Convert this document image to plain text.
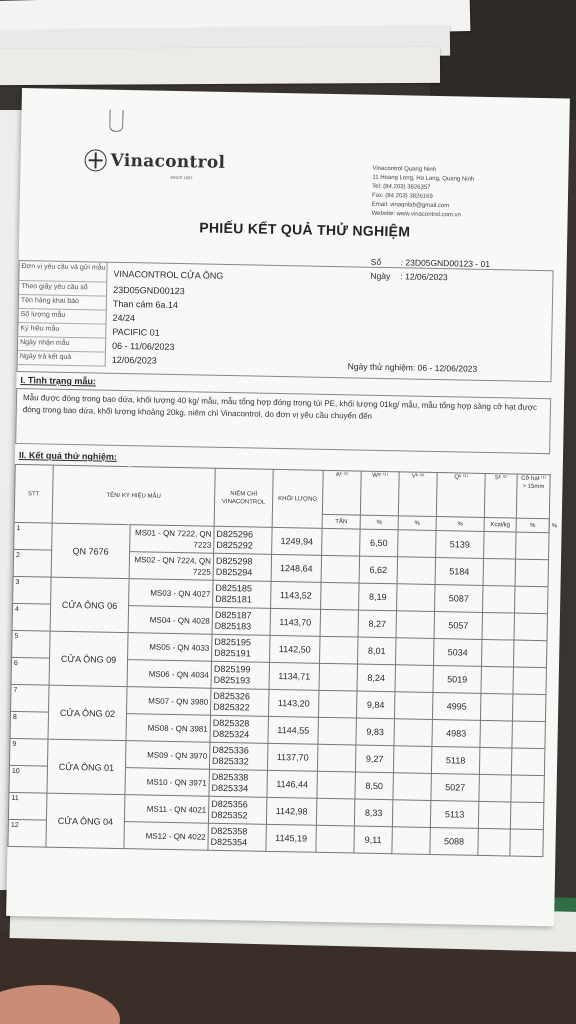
Vinacontrol
SINCE 1957
Vinacontrol Quang Ninh
11 Hoang Long, Ha Lang, Quang Ninh
Tel: (84.203) 3826357
Fax: (84.203) 3826169
Email: vinaqnlab@gmail.com
Website: www.vinacontrol.com.vn
PHIẾU KẾT QUẢ THỬ NGHIỆM
Số : 23D05GND00123 - 01
Ngày : 12/06/2023
Đơn vị yêu cầu và gửi mẫu
VINACONTROL CỬA ÔNG
Theo giấy yêu cầu số	23D05GND00123
Tên hàng khai báo	Than cám 6a.14
Số lượng mẫu	24/24
Ký hiệu mẫu	PACIFIC 01
Ngày nhận mẫu	06 - 11/06/2023
Ngày trả kết quả	12/06/2023
Ngày thử nghiệm: 06 - 12/06/2023
I. Tình trạng mẫu:
Mẫu được đóng trong bao dứa, khối lượng 40 kg/ mẫu, mẫu tổng hợp đóng trong túi PE, khối lượng 01kg/ mẫu, mẫu tổng hợp sàng cỡ hạt được đóng trong bao dứa, khối lượng khoảng 20kg, niêm chì Vinacontrol, do đơn vị yêu cầu chuyển đến
II. Kết quả thử nghiệm:
STT	TÊN/ KÝ HIỆU MẪU		NIÊM CHÌ VINACONTROL	KHỐI LƯỢNG	Aᵏ ⁽¹⁾	Wᵗᵖ ⁽¹⁾	Vᵏ ⁽¹⁾	Qᵏ ⁽¹⁾	Sᵏ ⁽¹⁾	Cỡ hạt ⁽¹⁾ > 15mm	
					TẤN	%	%	%	Kcal/kg	%	%
1	QN 7676	MS01 - QN 7222, QN 7223	D825296
D825292	1249,94		6,50		5139			
2		MS02 - QN 7224, QN 7225	D825298
D825294	1248,64		6,62		5184			
3	CỬA ÔNG 06	MS03 - QN 4027	D825185
D825181	1143,52		8,19		5087			
4		MS04 - QN 4028	D825187
D825183	1143,70		8,27		5057			
5	CỬA ÔNG 09	MS05 - QN 4033	D825195
D825191	1142,50		8,01		5034			
6		MS06 - QN 4034	D825199
D825193	1134,71		8,24		5019			
7	CỬA ÔNG 02	MS07 - QN 3980	D825326
D825322	1143,20		9,84		4995			
8		MS08 - QN 3981	D825328
D825324	1144,55		9,83		4983			
9	CỬA ÔNG 01	MS09 - QN 3970	D825336
D825332	1137,70		9,27		5118			
10		MS10 - QN 3971	D825338
D825334	1146,44		8,50		5027			
11	CỬA ÔNG 04	MS11 - QN 4021	D825356
D825352	1142,98		8,33		5113			
12		MS12 - QN 4022	D825358
D825354	1145,19		9,11		5088			
